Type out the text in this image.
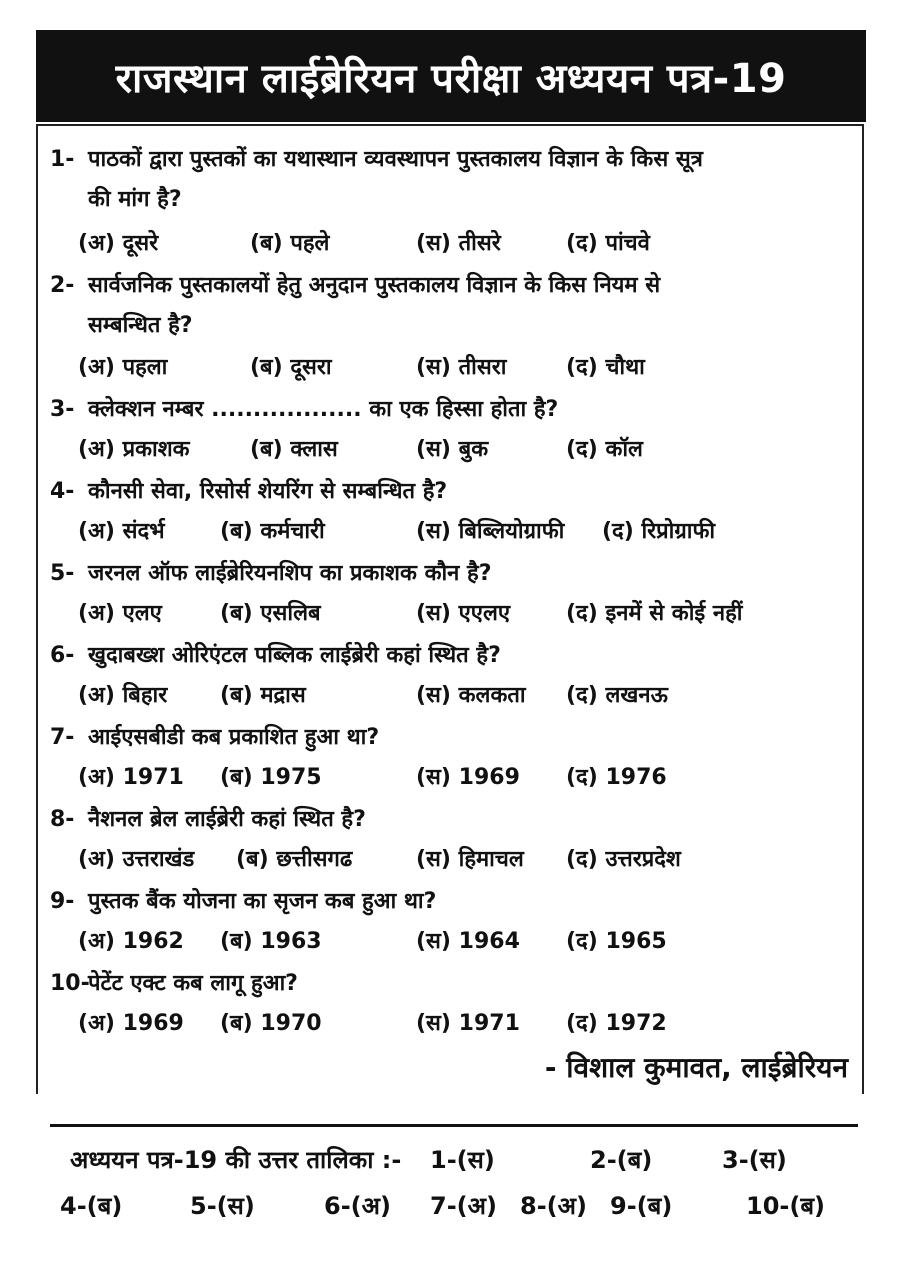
राजस्थान लाईब्रेरियन परीक्षा अध्ययन पत्र-19
1- पाठकों द्वारा पुस्तकों का यथास्थान व्यवस्थापन पुस्तकालय विज्ञान के किस सूत्र
की मांग है?
(अ) दूसरे	(ब) पहले	(स) तीसरे	(द) पांचवे
2- सार्वजनिक पुस्तकालयों हेतु अनुदान पुस्तकालय विज्ञान के किस नियम से
सम्बन्धित है?
(अ) पहला	(ब) दूसरा	(स) तीसरा	(द) चौथा
3- क्लेक्शन नम्बर .................. का एक हिस्सा होता है?
(अ) प्रकाशक	(ब) क्लास	(स) बुक	(द) कॉल
4- कौनसी सेवा, रिसोर्स शेयरिंग से सम्बन्धित है?
(अ) संदर्भ	(ब) कर्मचारी	(स) बिब्लियोग्राफी (द) रिप्रोग्राफी
5- जरनल ऑफ लाईब्रेरियनशिप का प्रकाशक कौन है?
(अ) एलए	(ब) एसलिब	(स) एएलए	(द) इनमें से कोई नहीं
6- खुदाबख्श ओरिएंटल पब्लिक लाईब्रेरी कहां स्थित है?
(अ) बिहार (ब) मद्रास	(स) कलकता (द) लखनऊ
7- आईएसबीडी कब प्रकाशित हुआ था?
(अ) 1971 (ब) 1975	(स) 1969 (द) 1976
8- नैशनल ब्रेल लाईब्रेरी कहां स्थित है?
(अ) उत्तराखंड (ब) छत्तीसगढ	(स) हिमाचल (द) उत्तरप्रदेश
9- पुस्तक बैंक योजना का सृजन कब हुआ था?
(अ) 1962 (ब) 1963	(स) 1964 (द) 1965
10-पेटेंट एक्ट कब लागू हुआ?
(अ) 1969 (ब) 1970	(स) 1971 (द) 1972
- विशाल कुमावत, लाईब्रेरियन
अध्ययन पत्र-19 की उत्तर तालिका :- 1-(स)	2-(ब)	3-(स)
4-(ब)	5-(स)	6-(अ) 7-(अ) 8-(अ) 9-(ब)	10-(ब)
